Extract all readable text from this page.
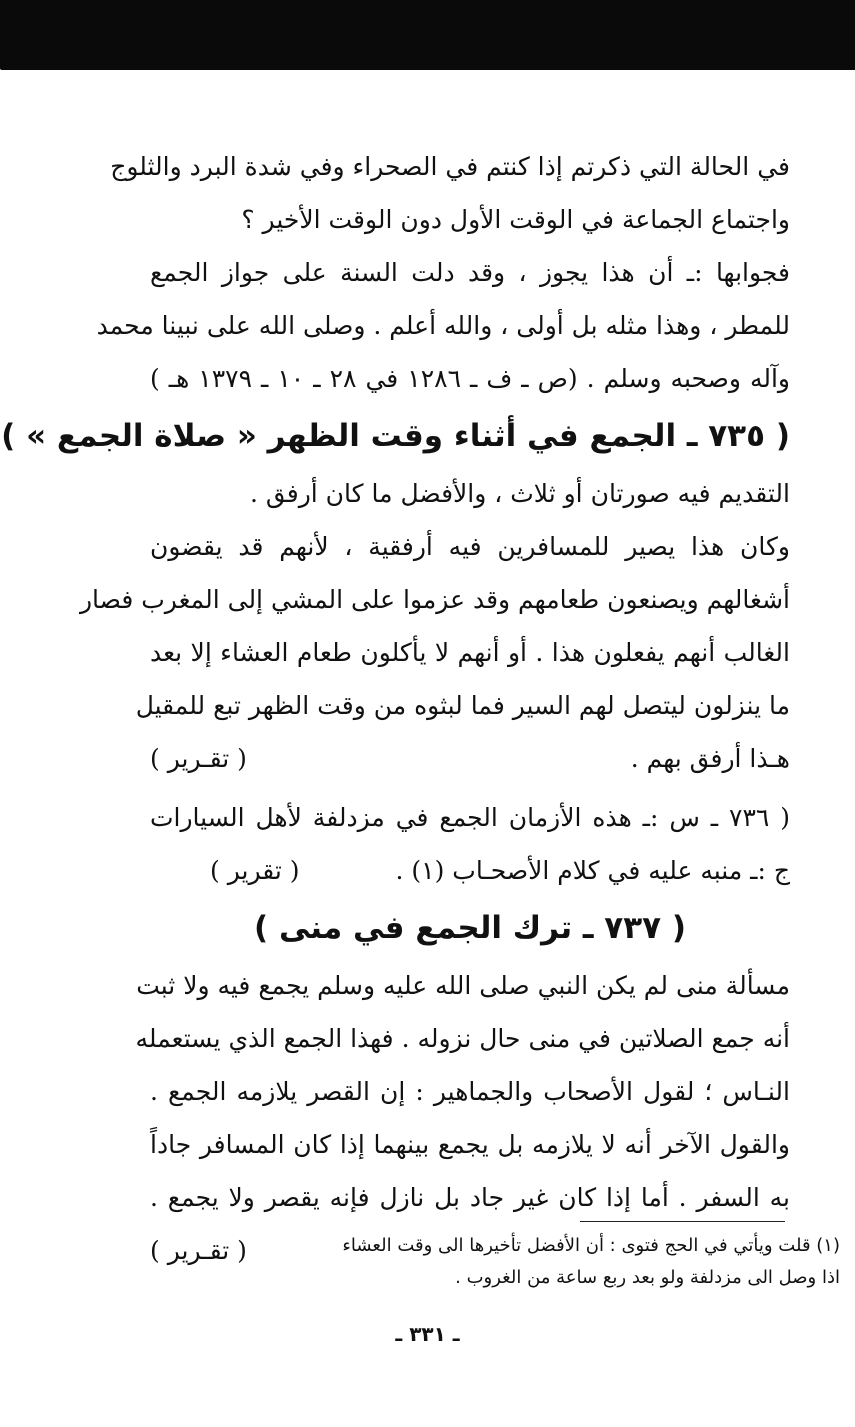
في الحالة التي ذكرتم إذا كنتم في الصحراء وفي شدة البرد والثلوج
واجتماع الجماعة في الوقت الأول دون الوقت الأخير ؟
فجوابها :ـ أن هذا يجوز ، وقد دلت السنة على جواز الجمع
للمطر ، وهذا مثله بل أولى ، والله أعلم . وصلى الله على نبينا محمد
وآله وصحبه وسلم . (ص ـ ف ـ ١٢٨٦ في ٢٨ ـ ١٠ ـ ١٣٧٩ هـ )
( ٧٣٥ ـ الجمع في أثناء وقت الظهر « صلاة الجمع » )
التقديم فيه صورتان أو ثلاث ، والأفضل ما كان أرفق .
وكان هذا يصير للمسافرين فيه أرفقية ، لأنهم قد يقضون
أشغالهم ويصنعون طعامهم وقد عزموا على المشي إلى المغرب فصار
الغالب أنهم يفعلون هذا . أو أنهم لا يأكلون طعام العشاء إلا بعد
ما ينزلون ليتصل لهم السير فما لبثوه من وقت الظهر تبع للمقيل
هـذا أرفق بهم .
( تقـرير )
( ٧٣٦ ـ س :ـ هذه الأزمان الجمع في مزدلفة لأهل السيارات
ج :ـ منبه عليه في كلام الأصحـاب (١) .
( تقرير )
( ٧٣٧ ـ ترك الجمع في منى )
مسألة منى لم يكن النبي صلى الله عليه وسلم يجمع فيه ولا ثبت
أنه جمع الصلاتين في منى حال نزوله . فهذا الجمع الذي يستعمله
النـاس ؛ لقول الأصحاب والجماهير : إن القصر يلازمه الجمع .
والقول الآخر أنه لا يلازمه بل يجمع بينهما إذا كان المسافر جاداً
به السفر . أما إذا كان غير جاد بل نازل فإنه يقصر ولا يجمع .
( تقـرير )	(١) قلت ويأتي في الحج فتوى : أن الأفضل تأخيرها الى وقت العشاء
اذا وصل الى مزدلفة ولو بعد ربع ساعة من الغروب .
ـ ٣٣١ ـ
